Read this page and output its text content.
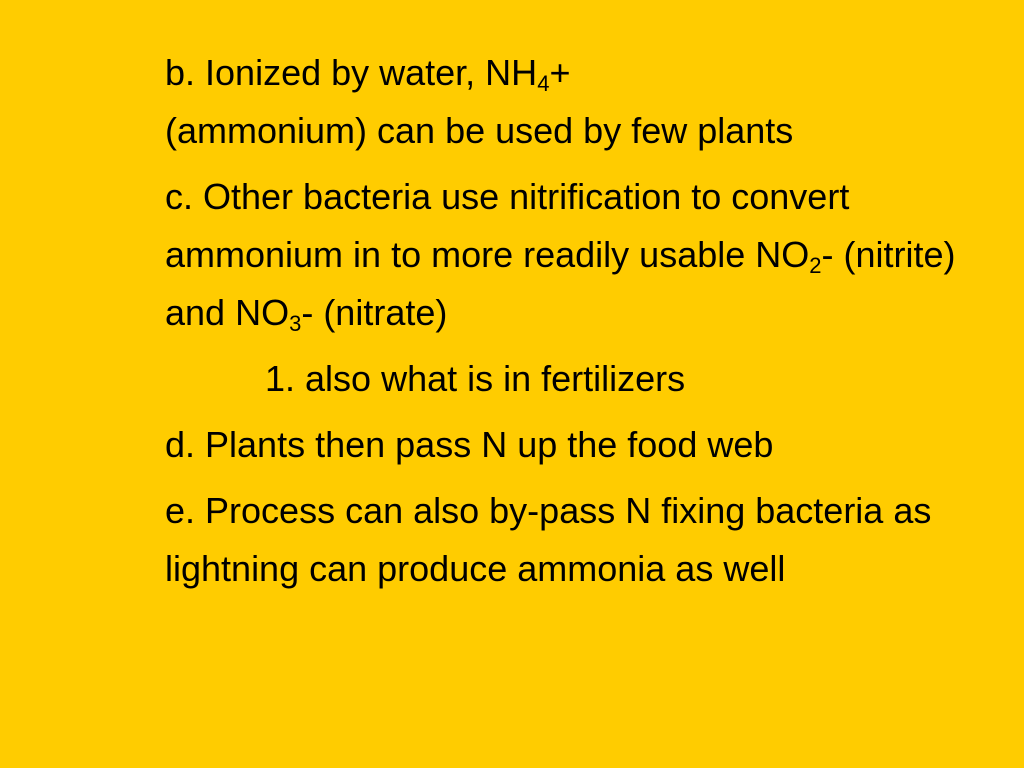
b. Ionized by water, $NH_4+$
(ammonium) can be used by few plants
c. Other bacteria use nitrification to convert ammonium in to more readily usable $NO_2-$ (nitrite) and $NO_3-$ (nitrate)
1. also what is in fertilizers
d. Plants then pass N up the food web
e. Process can also by-pass N fixing bacteria as lightning can produce ammonia as well
